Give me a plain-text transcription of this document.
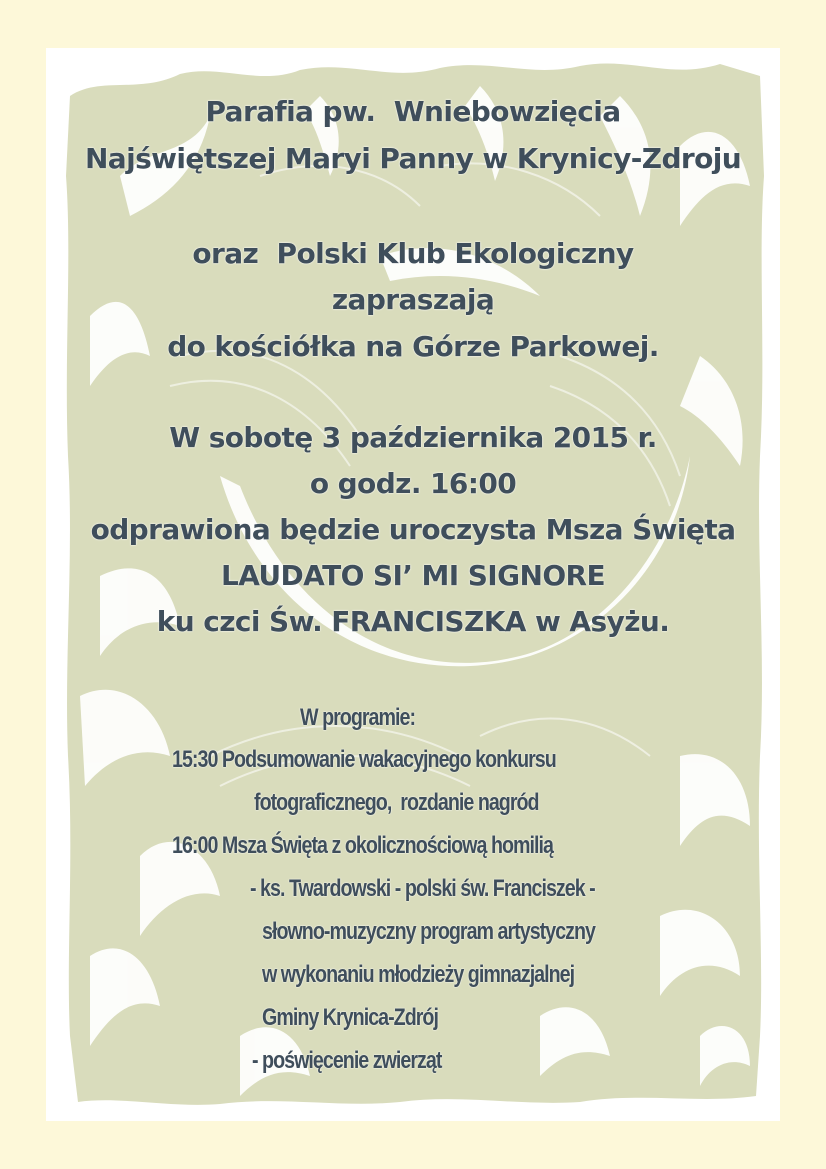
Parafia pw.  Wniebowzięcia
Najświętszej Maryi Panny w Krynicy-Zdroju
oraz  Polski Klub Ekologiczny
zapraszają
do kościółka na Górze Parkowej.
W sobotę 3 października 2015 r.
o godz. 16:00
odprawiona będzie uroczysta Msza Święta
LAUDATO SI’ MI SIGNORE
ku czci Św. FRANCISZKA w Asyżu.
W programie:
15:30 Podsumowanie wakacyjnego konkursu
fotograficznego,  rozdanie nagród
16:00 Msza Święta z okolicznościową homilią
- ks. Twardowski - polski św. Franciszek -
słowno-muzyczny program artystyczny
w wykonaniu młodzieży gimnazjalnej
Gminy Krynica-Zdrój
- poświęcenie zwierząt
